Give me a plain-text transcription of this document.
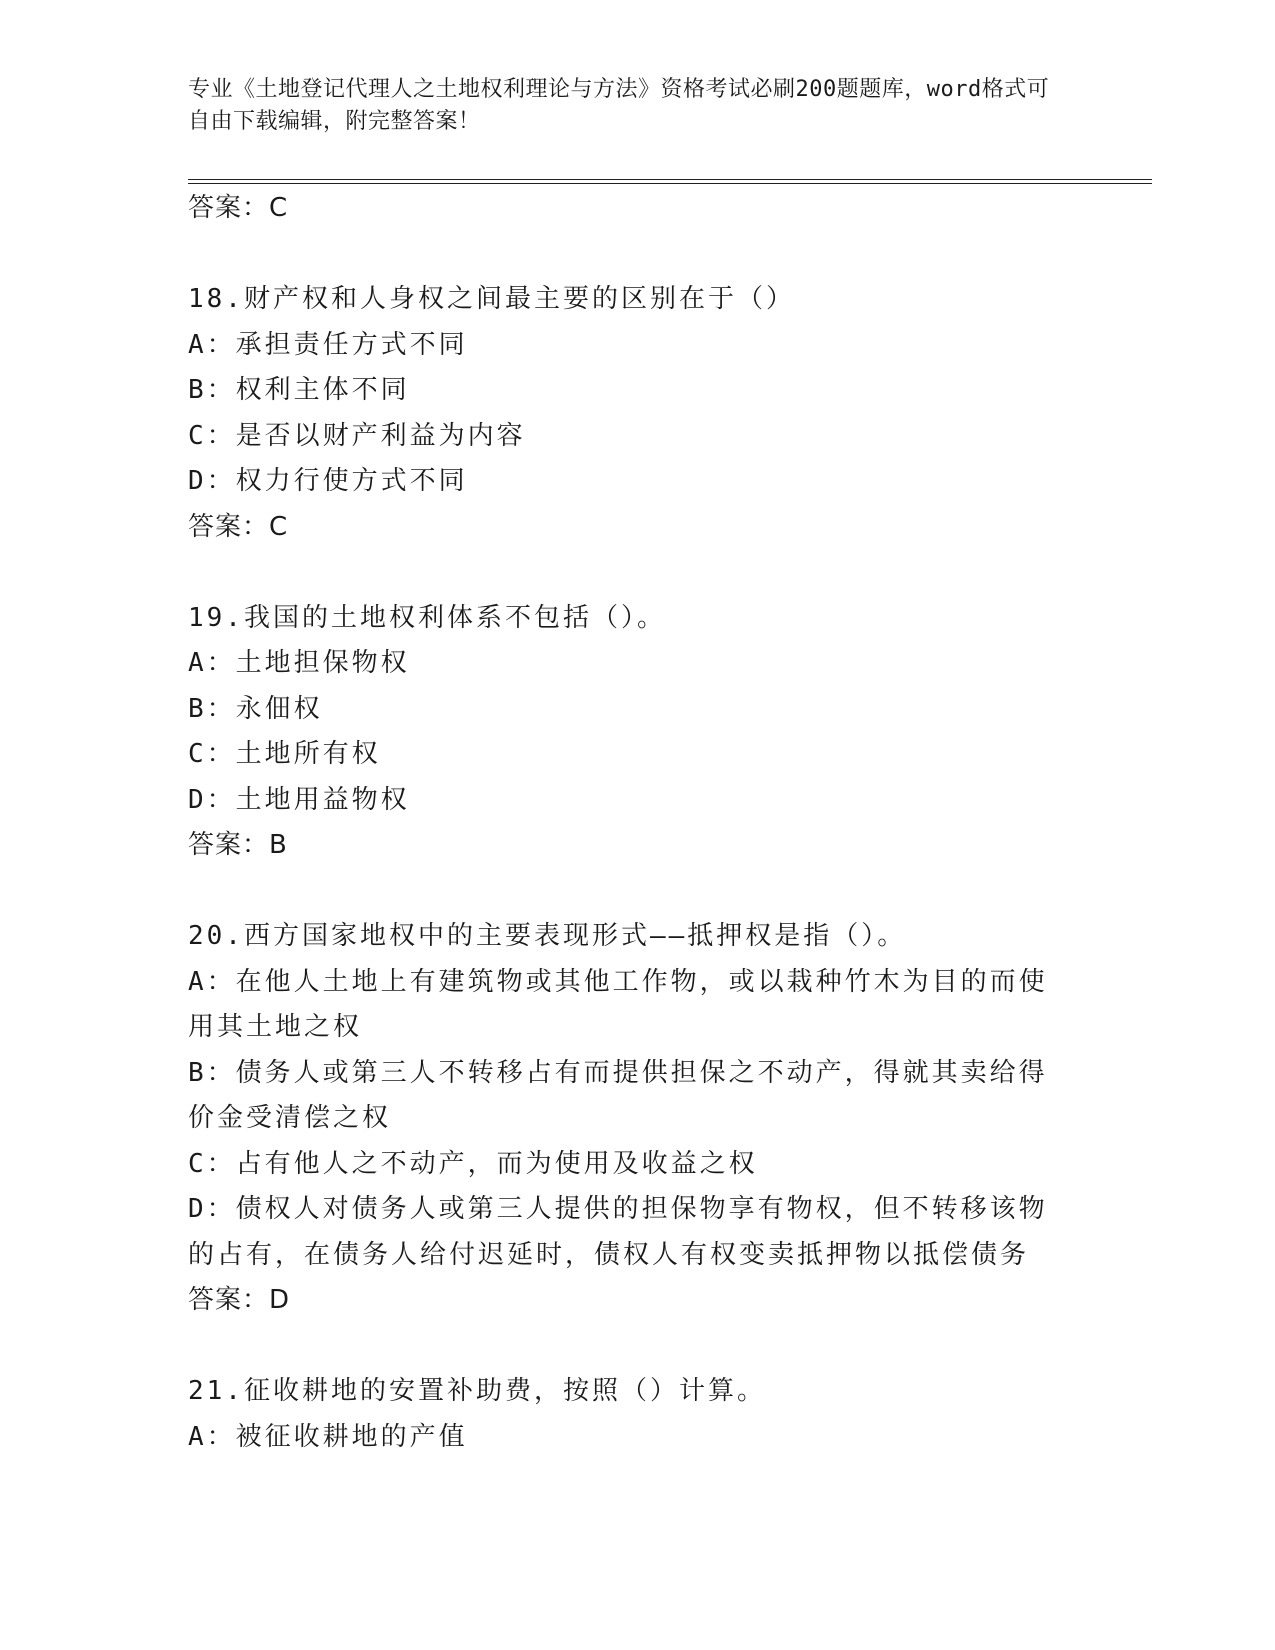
专业《土地登记代理人之土地权利理论与方法》资格考试必刷200题题库，word格式可自由下载编辑，附完整答案！
答案：C
18.财产权和人身权之间最主要的区别在于（）
A：承担责任方式不同
B：权利主体不同
C：是否以财产利益为内容
D：权力行使方式不同
答案：C
19.我国的土地权利体系不包括（）。
A：土地担保物权
B：永佃权
C：土地所有权
D：土地用益物权
答案：B
20.西方国家地权中的主要表现形式——抵押权是指（）。
A：在他人土地上有建筑物或其他工作物，或以栽种竹木为目的而使用其土地之权
B：债务人或第三人不转移占有而提供担保之不动产，得就其卖给得价金受清偿之权
C：占有他人之不动产，而为使用及收益之权
D：债权人对债务人或第三人提供的担保物享有物权，但不转移该物的占有，在债务人给付迟延时，债权人有权变卖抵押物以抵偿债务
答案：D
21.征收耕地的安置补助费，按照（）计算。
A：被征收耕地的产值
